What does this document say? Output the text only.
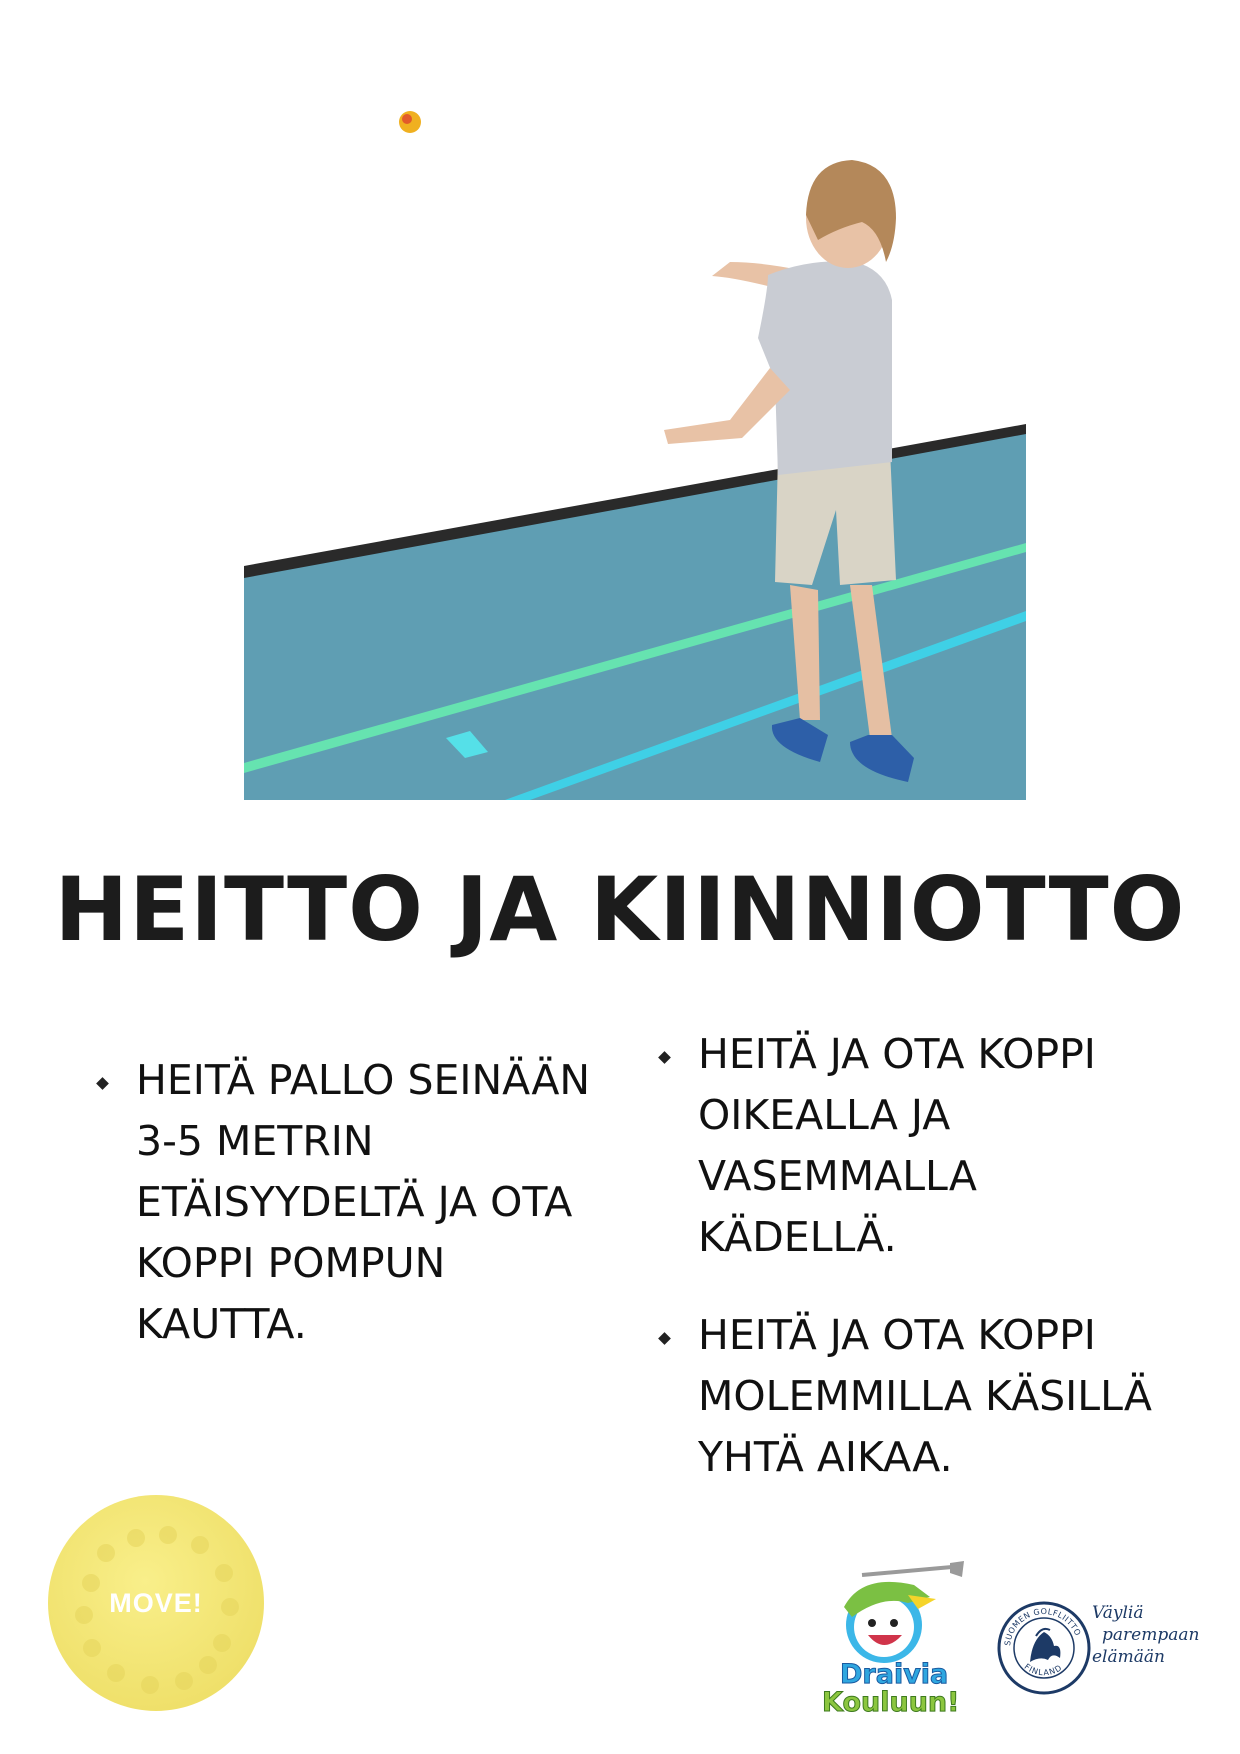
HEITTO JA KIINNIOTTO
HEITÄ PALLO SEINÄÄN 3-5 METRIN ETÄISYYDELTÄ JA OTA KOPPI POMPUN KAUTTA.
HEITÄ JA OTA KOPPI OIKEALLA JA VASEMMALLA KÄDELLÄ.
HEITÄ JA OTA KOPPI MOLEMMILLA KÄSILLÄ YHTÄ AIKAA.
MOVE!
Draivia
Kouluun!
SUOMEN GOLFLIITTO
FINLAND
Väyliä
parempaan
elämään
